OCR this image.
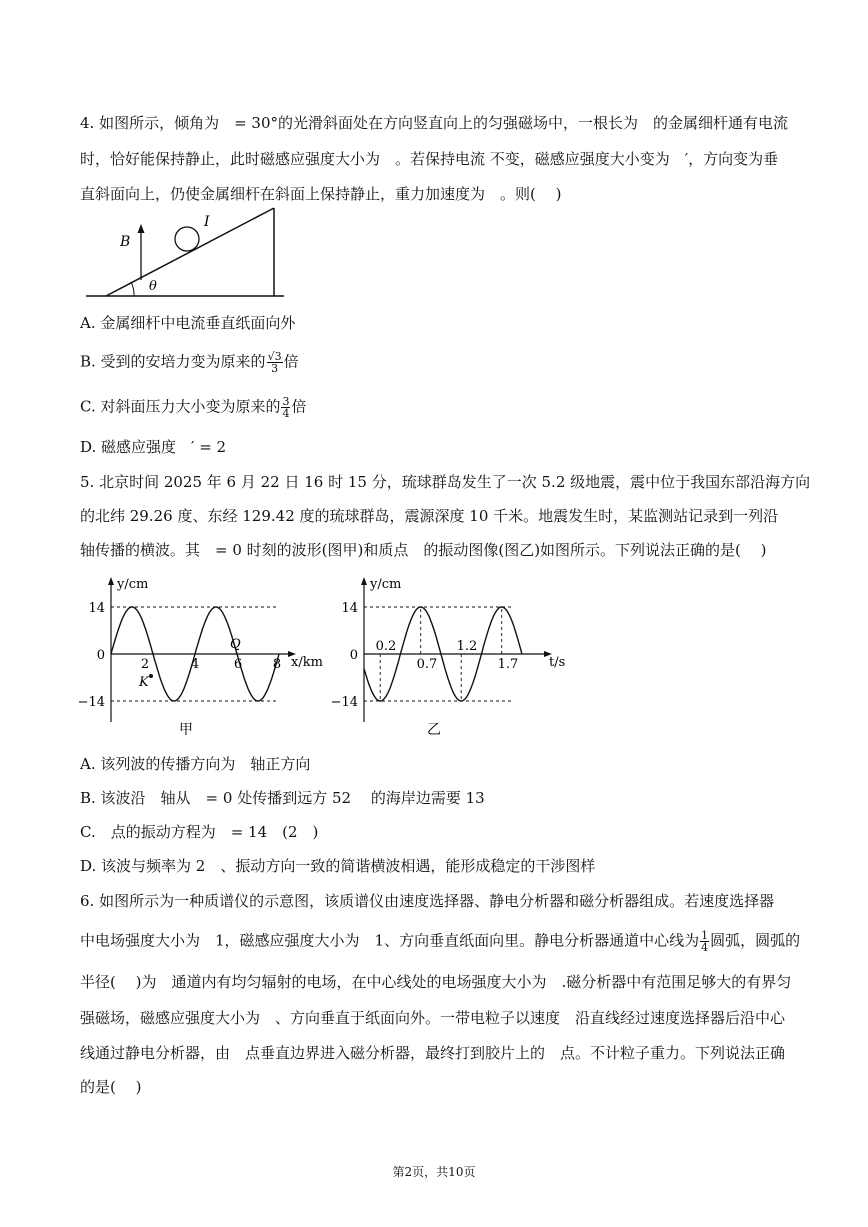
4. 如图所示，倾角为　= 30°的光滑斜面处在方向竖直向上的匀强磁场中，一根长为　的金属细杆通有电流
时，恰好能保持静止，此时磁感应强度大小为　。若保持电流 不变，磁感应强度大小变为　′，方向变为垂
直斜面向上，仍使金属细杆在斜面上保持静止，重力加速度为　。则(　 )
B
I
θ
A. 金属细杆中电流垂直纸面向外
B. 受到的安培力变为原来的 $\frac{√3}{3}$ 倍
C. 对斜面压力大小变为原来的 $\frac{3}{4}$ 倍
D. 磁感应强度　′ = 2
5. 北京时间 2025 年 6 月 22 日 16 时 15 分，琉球群岛发生了一次 5.2 级地震，震中位于我国东部沿海方向
的北纬 29.26 度、东经 129.42 度的琉球群岛，震源深度 10 千米。地震发生时，某监测站记录到一列沿
轴传播的横波。其　= 0 时刻的波形(图甲)和质点　的振动图像(图乙)如图所示。下列说法正确的是(　 )
y/cm
x/km
14
0
−14
2	4	6 8
Q
K
甲
y/cm
t/s
14
0
−14
0.2
0.7
1.2
1.7
乙
A. 该列波的传播方向为　轴正方向
B. 该波沿　轴从　= 0 处传播到远方 52　 的海岸边需要 13
C.　点的振动方程为　= 14　(2　)
D. 该波与频率为 2　、振动方向一致的简谐横波相遇，能形成稳定的干涉图样
6. 如图所示为一种质谱仪的示意图，该质谱仪由速度选择器、静电分析器和磁分析器组成。若速度选择器
中电场强度大小为　1，磁感应强度大小为　1、方向垂直纸面向里。静电分析器通道中心线为 $\frac{1}{4}$ 圆弧，圆弧的
半径(　 )为　通道内有均匀辐射的电场，在中心线处的电场强度大小为　.磁分析器中有范围足够大的有界匀
强磁场，磁感应强度大小为　、方向垂直于纸面向外。一带电粒子以速度　沿直线经过速度选择器后沿中心
线通过静电分析器，由　点垂直边界进入磁分析器，最终打到胶片上的　点。不计粒子重力。下列说法正确
的是(　 )
第2页，共10页
